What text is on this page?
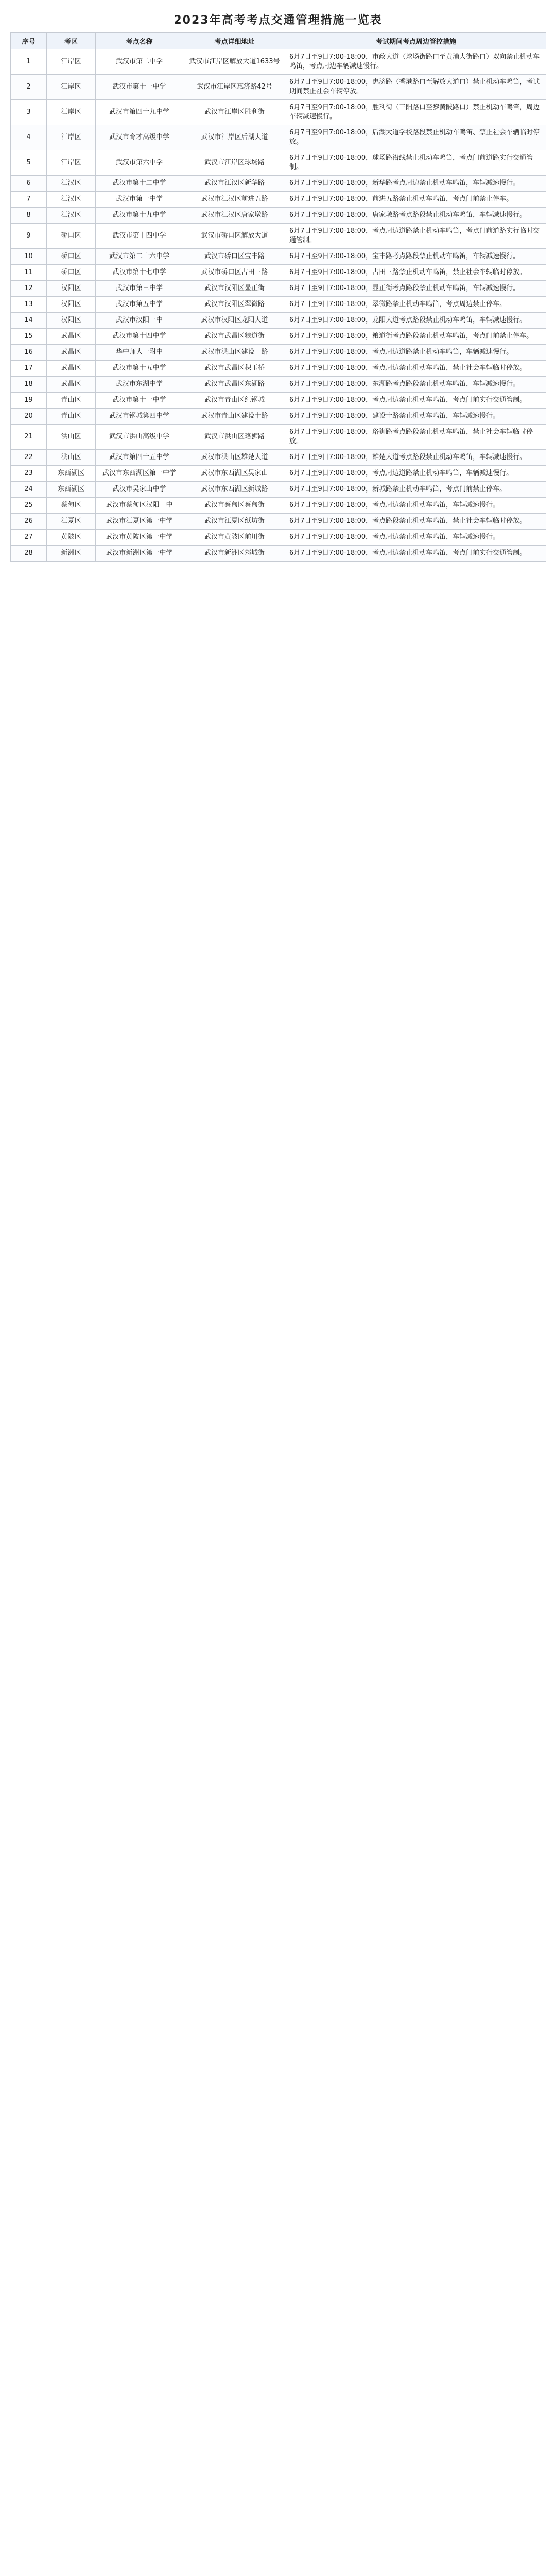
2023年高考考点交通管理措施一览表
序号	考区	考点名称	考点详细地址	考试期间考点周边管控措施
1	江岸区	武汉市第二中学	武汉市江岸区解放大道1633号	6月7日至9日7:00-18:00，市政大道（球场街路口至黄浦大街路口）双向禁止机动车鸣笛，考点周边车辆减速慢行。
2	江岸区	武汉市第十一中学	武汉市江岸区惠济路42号	6月7日至9日7:00-18:00，惠济路（香港路口至解放大道口）禁止机动车鸣笛，考试期间禁止社会车辆停放。
3	江岸区	武汉市第四十九中学	武汉市江岸区胜利街	6月7日至9日7:00-18:00，胜利街（三阳路口至黎黄陂路口）禁止机动车鸣笛，周边车辆减速慢行。
4	江岸区	武汉市育才高级中学	武汉市江岸区后湖大道	6月7日至9日7:00-18:00，后湖大道学校路段禁止机动车鸣笛、禁止社会车辆临时停放。
5	江岸区	武汉市第六中学	武汉市江岸区球场路	6月7日至9日7:00-18:00，球场路沿线禁止机动车鸣笛，考点门前道路实行交通管制。
6	江汉区	武汉市第十二中学	武汉市江汉区新华路	6月7日至9日7:00-18:00，新华路考点周边禁止机动车鸣笛，车辆减速慢行。
7	江汉区	武汉市第一中学	武汉市江汉区前进五路	6月7日至9日7:00-18:00，前进五路禁止机动车鸣笛，考点门前禁止停车。
8	江汉区	武汉市第十九中学	武汉市江汉区唐家墩路	6月7日至9日7:00-18:00，唐家墩路考点路段禁止机动车鸣笛，车辆减速慢行。
9	硚口区	武汉市第十四中学	武汉市硚口区解放大道	6月7日至9日7:00-18:00，考点周边道路禁止机动车鸣笛，考点门前道路实行临时交通管制。
10	硚口区	武汉市第二十六中学	武汉市硚口区宝丰路	6月7日至9日7:00-18:00，宝丰路考点路段禁止机动车鸣笛，车辆减速慢行。
11	硚口区	武汉市第十七中学	武汉市硚口区古田三路	6月7日至9日7:00-18:00，古田三路禁止机动车鸣笛，禁止社会车辆临时停放。
12	汉阳区	武汉市第三中学	武汉市汉阳区显正街	6月7日至9日7:00-18:00，显正街考点路段禁止机动车鸣笛，车辆减速慢行。
13	汉阳区	武汉市第五中学	武汉市汉阳区翠微路	6月7日至9日7:00-18:00，翠微路禁止机动车鸣笛，考点周边禁止停车。
14	汉阳区	武汉市汉阳一中	武汉市汉阳区龙阳大道	6月7日至9日7:00-18:00，龙阳大道考点路段禁止机动车鸣笛，车辆减速慢行。
15	武昌区	武汉市第十四中学	武汉市武昌区粮道街	6月7日至9日7:00-18:00，粮道街考点路段禁止机动车鸣笛，考点门前禁止停车。
16	武昌区	华中师大一附中	武汉市洪山区建设一路	6月7日至9日7:00-18:00，考点周边道路禁止机动车鸣笛，车辆减速慢行。
17	武昌区	武汉市第十五中学	武汉市武昌区积玉桥	6月7日至9日7:00-18:00，考点周边禁止机动车鸣笛，禁止社会车辆临时停放。
18	武昌区	武汉市东湖中学	武汉市武昌区东湖路	6月7日至9日7:00-18:00，东湖路考点路段禁止机动车鸣笛，车辆减速慢行。
19	青山区	武汉市第十一中学	武汉市青山区红钢城	6月7日至9日7:00-18:00，考点周边禁止机动车鸣笛，考点门前实行交通管制。
20	青山区	武汉市钢城第四中学	武汉市青山区建设十路	6月7日至9日7:00-18:00，建设十路禁止机动车鸣笛，车辆减速慢行。
21	洪山区	武汉市洪山高级中学	武汉市洪山区珞狮路	6月7日至9日7:00-18:00，珞狮路考点路段禁止机动车鸣笛，禁止社会车辆临时停放。
22	洪山区	武汉市第四十五中学	武汉市洪山区雄楚大道	6月7日至9日7:00-18:00，雄楚大道考点路段禁止机动车鸣笛，车辆减速慢行。
23	东西湖区	武汉市东西湖区第一中学	武汉市东西湖区吴家山	6月7日至9日7:00-18:00，考点周边道路禁止机动车鸣笛，车辆减速慢行。
24	东西湖区	武汉市吴家山中学	武汉市东西湖区新城路	6月7日至9日7:00-18:00，新城路禁止机动车鸣笛，考点门前禁止停车。
25	蔡甸区	武汉市蔡甸区汉阳一中	武汉市蔡甸区蔡甸街	6月7日至9日7:00-18:00，考点周边禁止机动车鸣笛，车辆减速慢行。
26	江夏区	武汉市江夏区第一中学	武汉市江夏区纸坊街	6月7日至9日7:00-18:00，考点路段禁止机动车鸣笛，禁止社会车辆临时停放。
27	黄陂区	武汉市黄陂区第一中学	武汉市黄陂区前川街	6月7日至9日7:00-18:00，考点周边禁止机动车鸣笛，车辆减速慢行。
28	新洲区	武汉市新洲区第一中学	武汉市新洲区邾城街	6月7日至9日7:00-18:00，考点周边禁止机动车鸣笛，考点门前实行交通管制。
